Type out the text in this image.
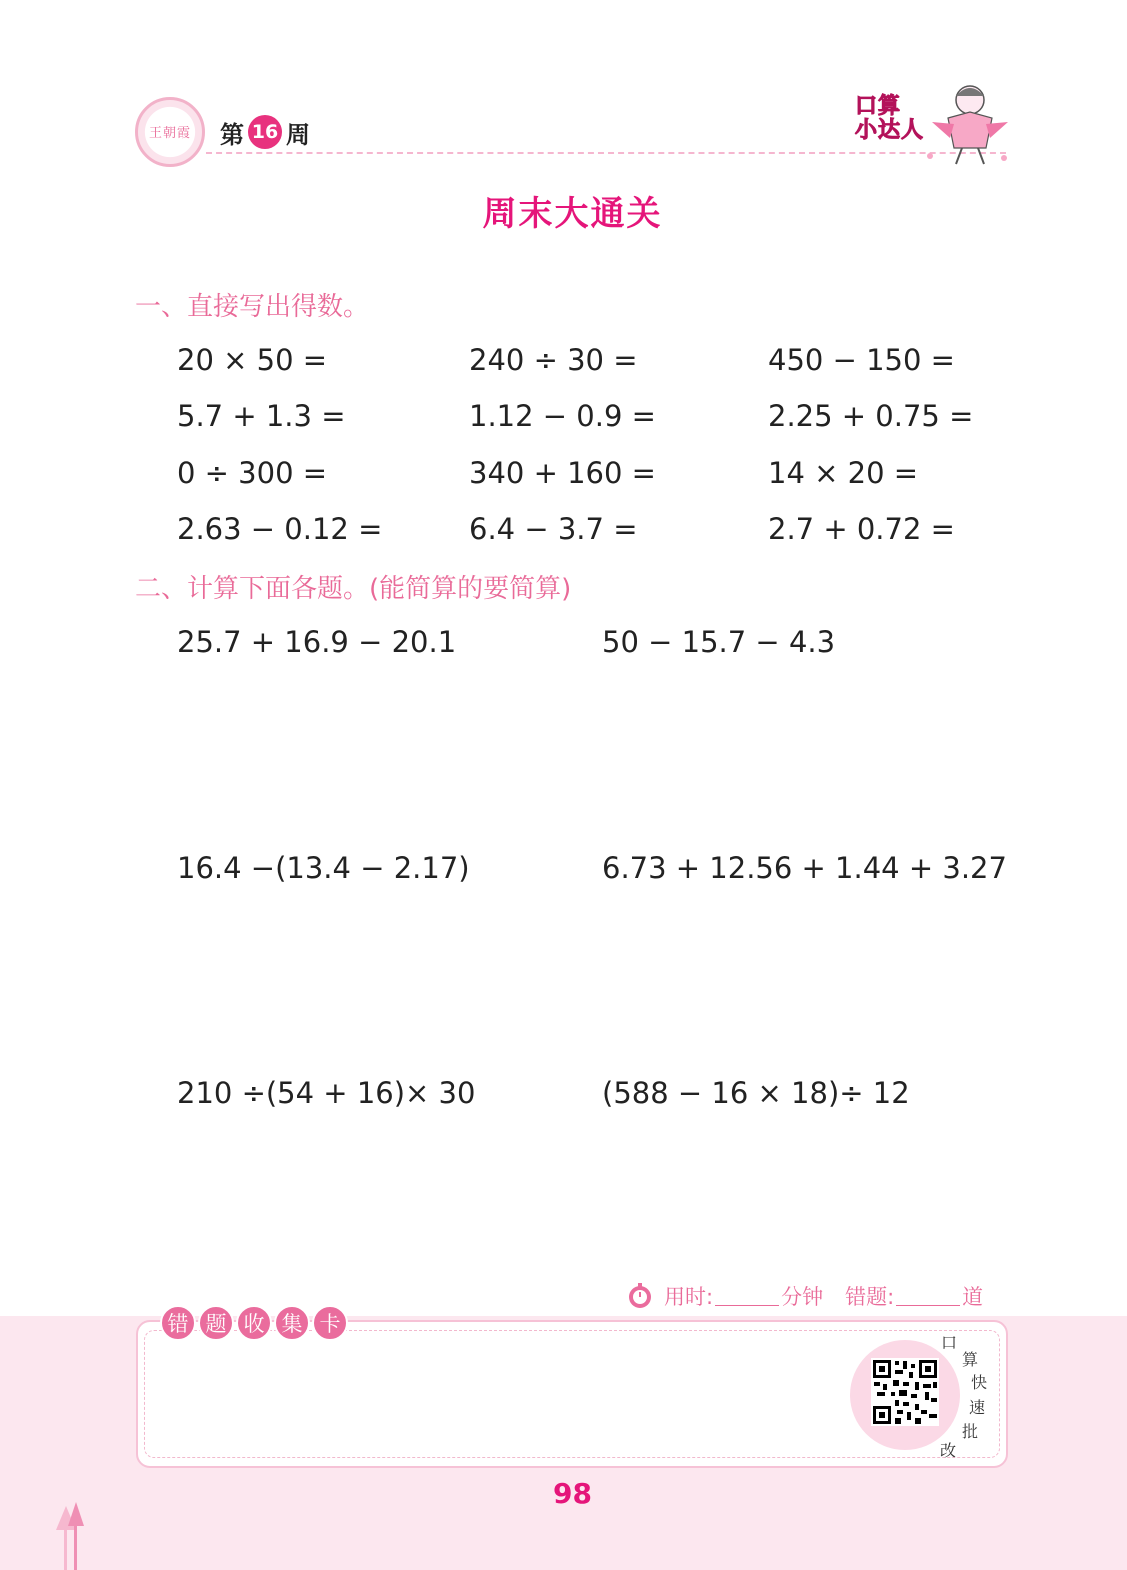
王朝霞	第 16 周
口算
小达人
周末大通关
一、直接写出得数。
20 × 50 =	240 ÷ 30 =	450 − 150 =
5.7 + 1.3 =	1.12 − 0.9 =	2.25 + 0.75 =
0 ÷ 300 =	340 + 160 =	14 × 20 =
2.63 − 0.12 =	6.4 − 3.7 =	2.7 + 0.72 =
二、计算下面各题。(能简算的要简算)
25.7 + 16.9 − 20.1	50 − 15.7 − 4.3
16.4 −(13.4 − 2.17)	6.73 + 12.56 + 1.44 + 3.27
210 ÷(54 + 16)× 30	(588 − 16 × 18)÷ 12
用时:	分钟 错题:	道
错 题 收 集 卡
口
算
快
速
批
改
98
